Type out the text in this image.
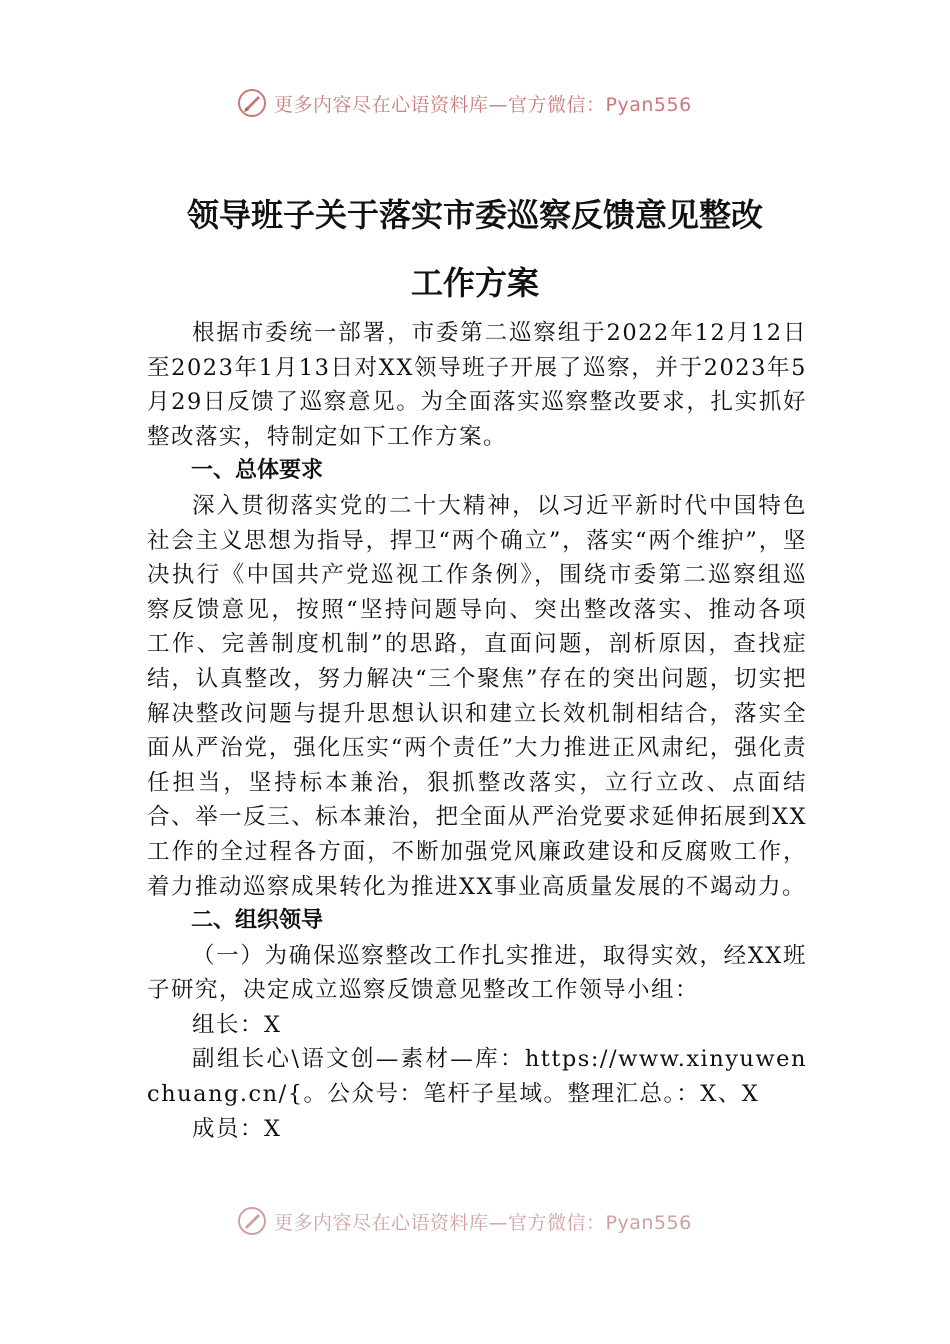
更多内容尽在心语资料库—官方微信：Pyan556
领导班子关于落实市委巡察反馈意见整改
工作方案

根据市委统一部署，市委第二巡察组于2022年12月12日至2023年1月13日对XX领导班子开展了巡察，并于2023年5月29日反馈了巡察意见。为全面落实巡察整改要求，扎实抓好整改落实，特制定如下工作方案。

一、总体要求

深入贯彻落实党的二十大精神，以习近平新时代中国特色社会主义思想为指导，捍卫“两个确立”，落实“两个维护”，坚决执行《中国共产党巡视工作条例》，围绕市委第二巡察组巡察反馈意见，按照“坚持问题导向、突出整改落实、推动各项工作、完善制度机制”的思路，直面问题，剖析原因，查找症结，认真整改，努力解决“三个聚焦”存在的突出问题，切实把解决整改问题与提升思想认识和建立长效机制相结合，落实全面从严治党，强化压实“两个责任”大力推进正风肃纪，强化责任担当，坚持标本兼治，狠抓整改落实，立行立改、点面结合、举一反三、标本兼治，把全面从严治党要求延伸拓展到XX工作的全过程各方面，不断加强党风廉政建设和反腐败工作，着力推动巡察成果转化为推进XX事业高质量发展的不竭动力。

二、组织领导

（一）为确保巡察整改工作扎实推进，取得实效，经XX班子研究，决定成立巡察反馈意见整改工作领导小组：

组长：X

副组长心\语文创—素材—库：https://www.xinyuwenchuang.cn/{。公众号：笔杆子星域。整理汇总。：X、X

成员：X

更多内容尽在心语资料库—官方微信：Pyan556
